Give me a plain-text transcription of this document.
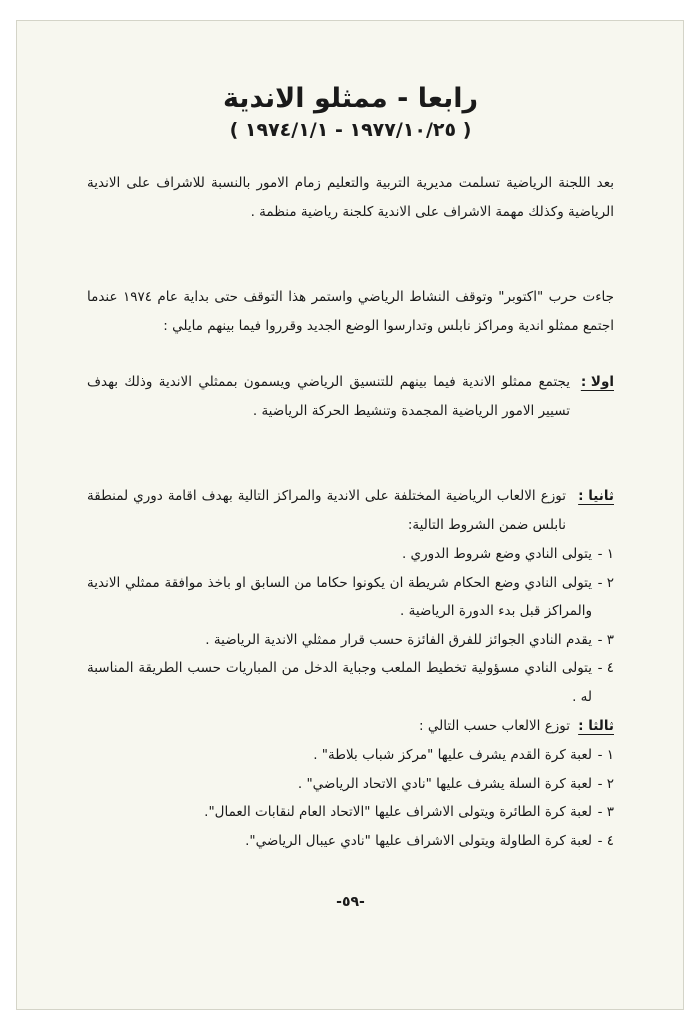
رابعا - ممثلو الاندية
( ١٩٧٧/١٠/٢٥ - ١٩٧٤/١/١ )

بعد اللجنة الرياضية تسلمت مديرية التربية والتعليم زمام الامور بالنسبة للاشراف على الاندية الرياضية وكذلك مهمة الاشراف على الاندية كلجنة رياضية منظمة .

جاءت حرب "اكتوبر" وتوقف النشاط الرياضي واستمر هذا التوقف حتى بداية عام ١٩٧٤ عندما اجتمع ممثلو اندية ومراكز نابلس وتدارسوا الوضع الجديد وقرروا فيما بينهم مايلي :

اولا :
يجتمع ممثلو الاندية فيما بينهم للتنسيق الرياضي ويسمون بممثلي الاندية وذلك بهدف تسيير الامور الرياضية المجمدة وتنشيط الحركة الرياضية .
ثانيا :
توزع الالعاب الرياضية المختلفة على الاندية والمراكز التالية بهدف اقامة دوري لمنطقة نابلس ضمن الشروط التالية:
١ -
يتولى النادي وضع شروط الدوري .
٢ -
يتولى النادي وضع الحكام شريطة ان يكونوا حكاما من السابق او باخذ موافقة ممثلي الاندية والمراكز قبل بدء الدورة الرياضية .
٣ -
يقدم النادي الجوائز للفرق الفائزة حسب قرار ممثلي الاندية الرياضية .
٤ -
يتولى النادي مسؤولية تخطيط الملعب وجباية الدخل من المباريات حسب الطريقة المناسبة له .
ثالثا :
توزع الالعاب حسب التالي :
١ -
لعبة كرة القدم يشرف عليها "مركز شباب بلاطة" .
٢ -
لعبة كرة السلة يشرف عليها "نادي الاتحاد الرياضي" .
٣ -
لعبة كرة الطائرة ويتولى الاشراف عليها "الاتحاد العام لنقابات العمال".
٤ -
لعبة كرة الطاولة ويتولى الاشراف عليها "نادي عيبال الرياضي".
-٥٩-
